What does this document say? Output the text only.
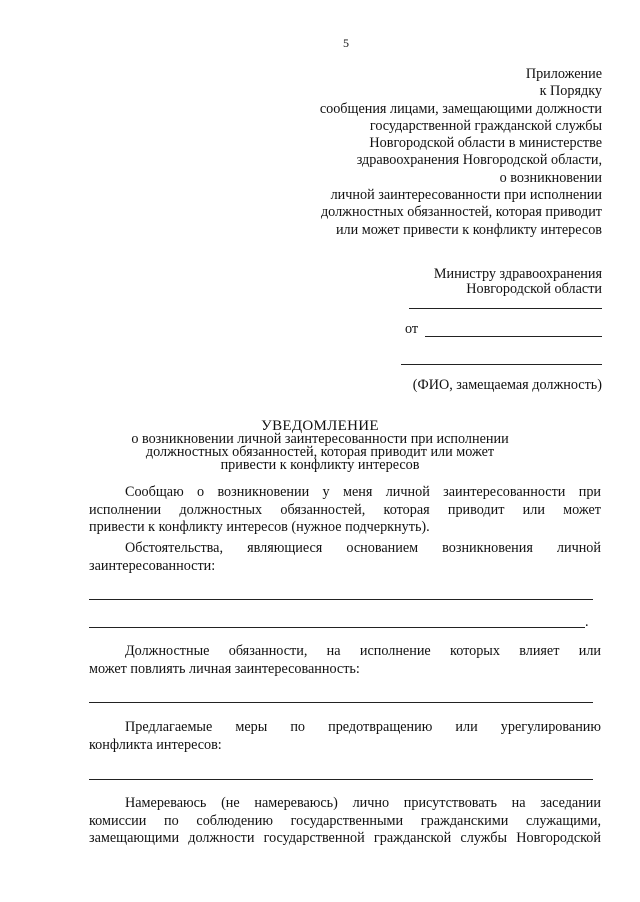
5
Приложение
к Порядку
сообщения лицами, замещающими должности
государственной гражданской службы
Новгородской области в министерстве
здравоохранения Новгородской области,
о возникновении
личной заинтересованности при исполнении
должностных обязанностей, которая приводит
или может привести к конфликту интересов
Министру здравоохранения
Новгородской области
от
(ФИО, замещаемая должность)
УВЕДОМЛЕНИЕ
о возникновении личной заинтересованности при исполнении
должностных обязанностей, которая приводит или может
привести к конфликту интересов
Сообщаю о возникновении у меня личной заинтересованности при
исполнении должностных обязанностей, которая приводит или может
привести к конфликту интересов (нужное подчеркнуть).
Обстоятельства, являющиеся основанием возникновения личной
заинтересованности:
.
Должностные обязанности, на исполнение которых влияет или
может повлиять личная заинтересованность:
Предлагаемые меры по предотвращению или урегулированию
конфликта интересов:
Намереваюсь (не намереваюсь) лично присутствовать на заседании
комиссии по соблюдению государственными гражданскими служащими,
замещающими должности государственной гражданской службы Новгородской
